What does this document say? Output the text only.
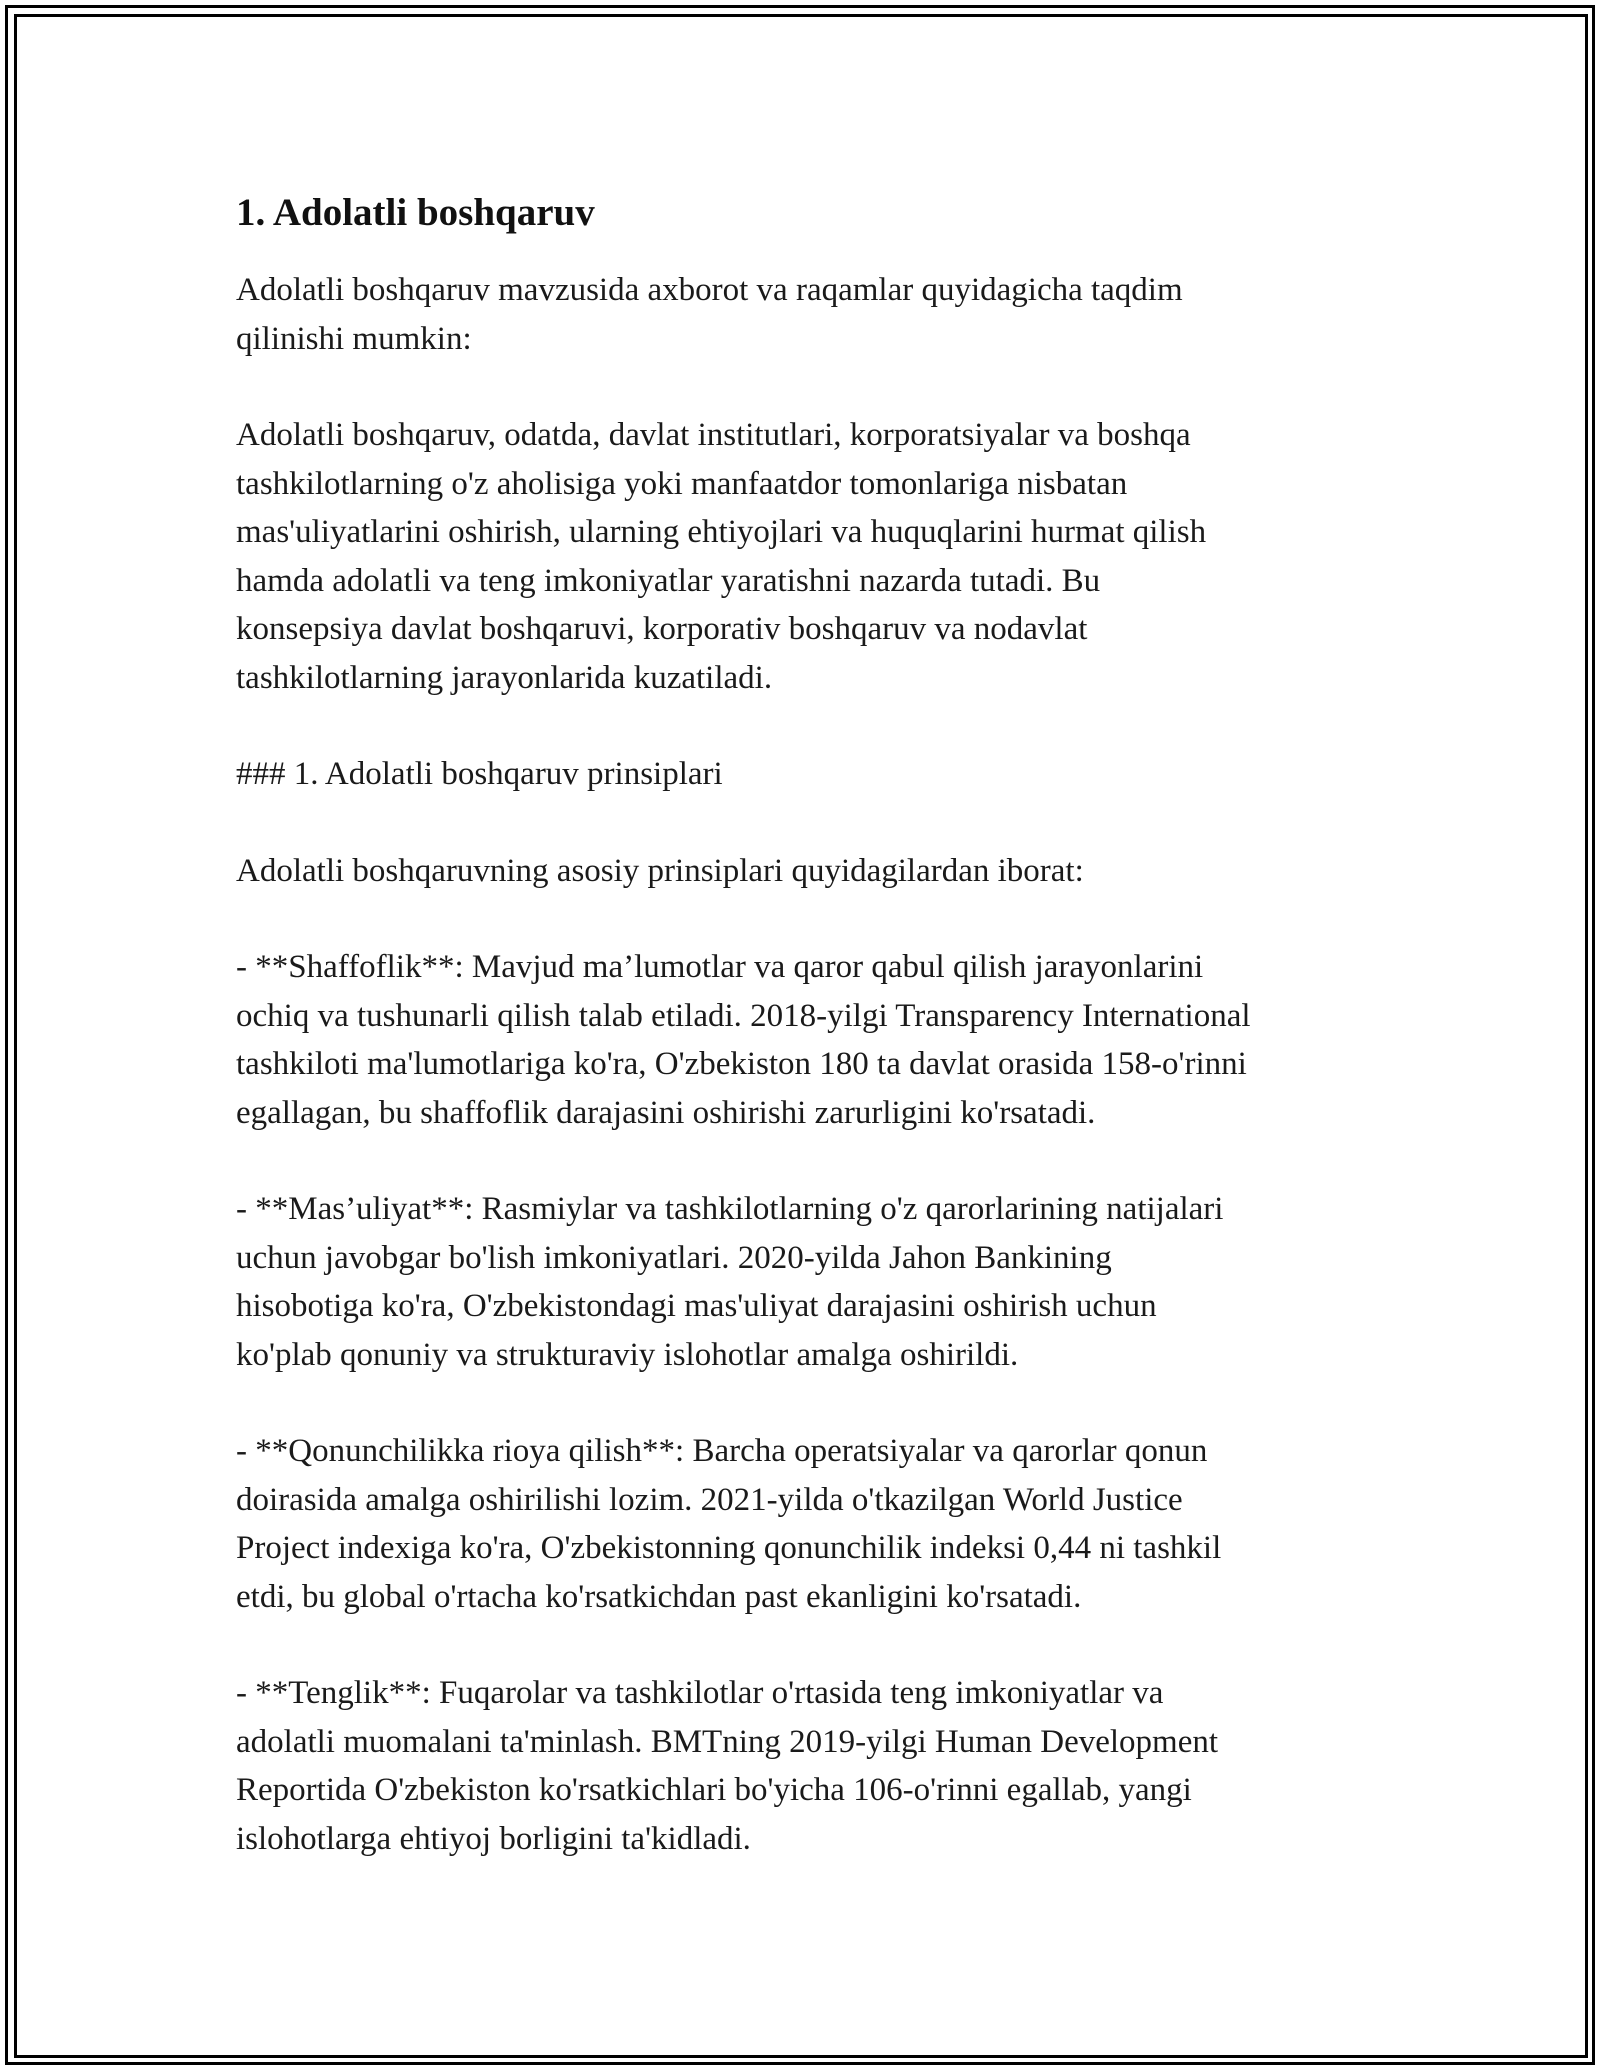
1. Adolatli boshqaruv

Adolatli boshqaruv mavzusida axborot va raqamlar quyidagicha taqdim
qilinishi mumkin:

Adolatli boshqaruv, odatda, davlat institutlari, korporatsiyalar va boshqa
tashkilotlarning o'z aholisiga yoki manfaatdor tomonlariga nisbatan
mas'uliyatlarini oshirish, ularning ehtiyojlari va huquqlarini hurmat qilish
hamda adolatli va teng imkoniyatlar yaratishni nazarda tutadi. Bu
konsepsiya davlat boshqaruvi, korporativ boshqaruv va nodavlat
tashkilotlarning jarayonlarida kuzatiladi.

### 1. Adolatli boshqaruv prinsiplari

Adolatli boshqaruvning asosiy prinsiplari quyidagilardan iborat:

- **Shaffoflik**: Mavjud ma’lumotlar va qaror qabul qilish jarayonlarini
ochiq va tushunarli qilish talab etiladi. 2018-yilgi Transparency International
tashkiloti ma'lumotlariga ko'ra, O'zbekiston 180 ta davlat orasida 158-o'rinni
egallagan, bu shaffoflik darajasini oshirishi zarurligini ko'rsatadi.

- **Mas’uliyat**: Rasmiylar va tashkilotlarning o'z qarorlarining natijalari
uchun javobgar bo'lish imkoniyatlari. 2020-yilda Jahon Bankining
hisobotiga ko'ra, O'zbekistondagi mas'uliyat darajasini oshirish uchun
ko'plab qonuniy va strukturaviy islohotlar amalga oshirildi.

- **Qonunchilikka rioya qilish**: Barcha operatsiyalar va qarorlar qonun
doirasida amalga oshirilishi lozim. 2021-yilda o'tkazilgan World Justice
Project indexiga ko'ra, O'zbekistonning qonunchilik indeksi 0,44 ni tashkil
etdi, bu global o'rtacha ko'rsatkichdan past ekanligini ko'rsatadi.

- **Tenglik**: Fuqarolar va tashkilotlar o'rtasida teng imkoniyatlar va
adolatli muomalani ta'minlash. BMTning 2019-yilgi Human Development
Reportida O'zbekiston ko'rsatkichlari bo'yicha 106-o'rinni egallab, yangi
islohotlarga ehtiyoj borligini ta'kidladi.
